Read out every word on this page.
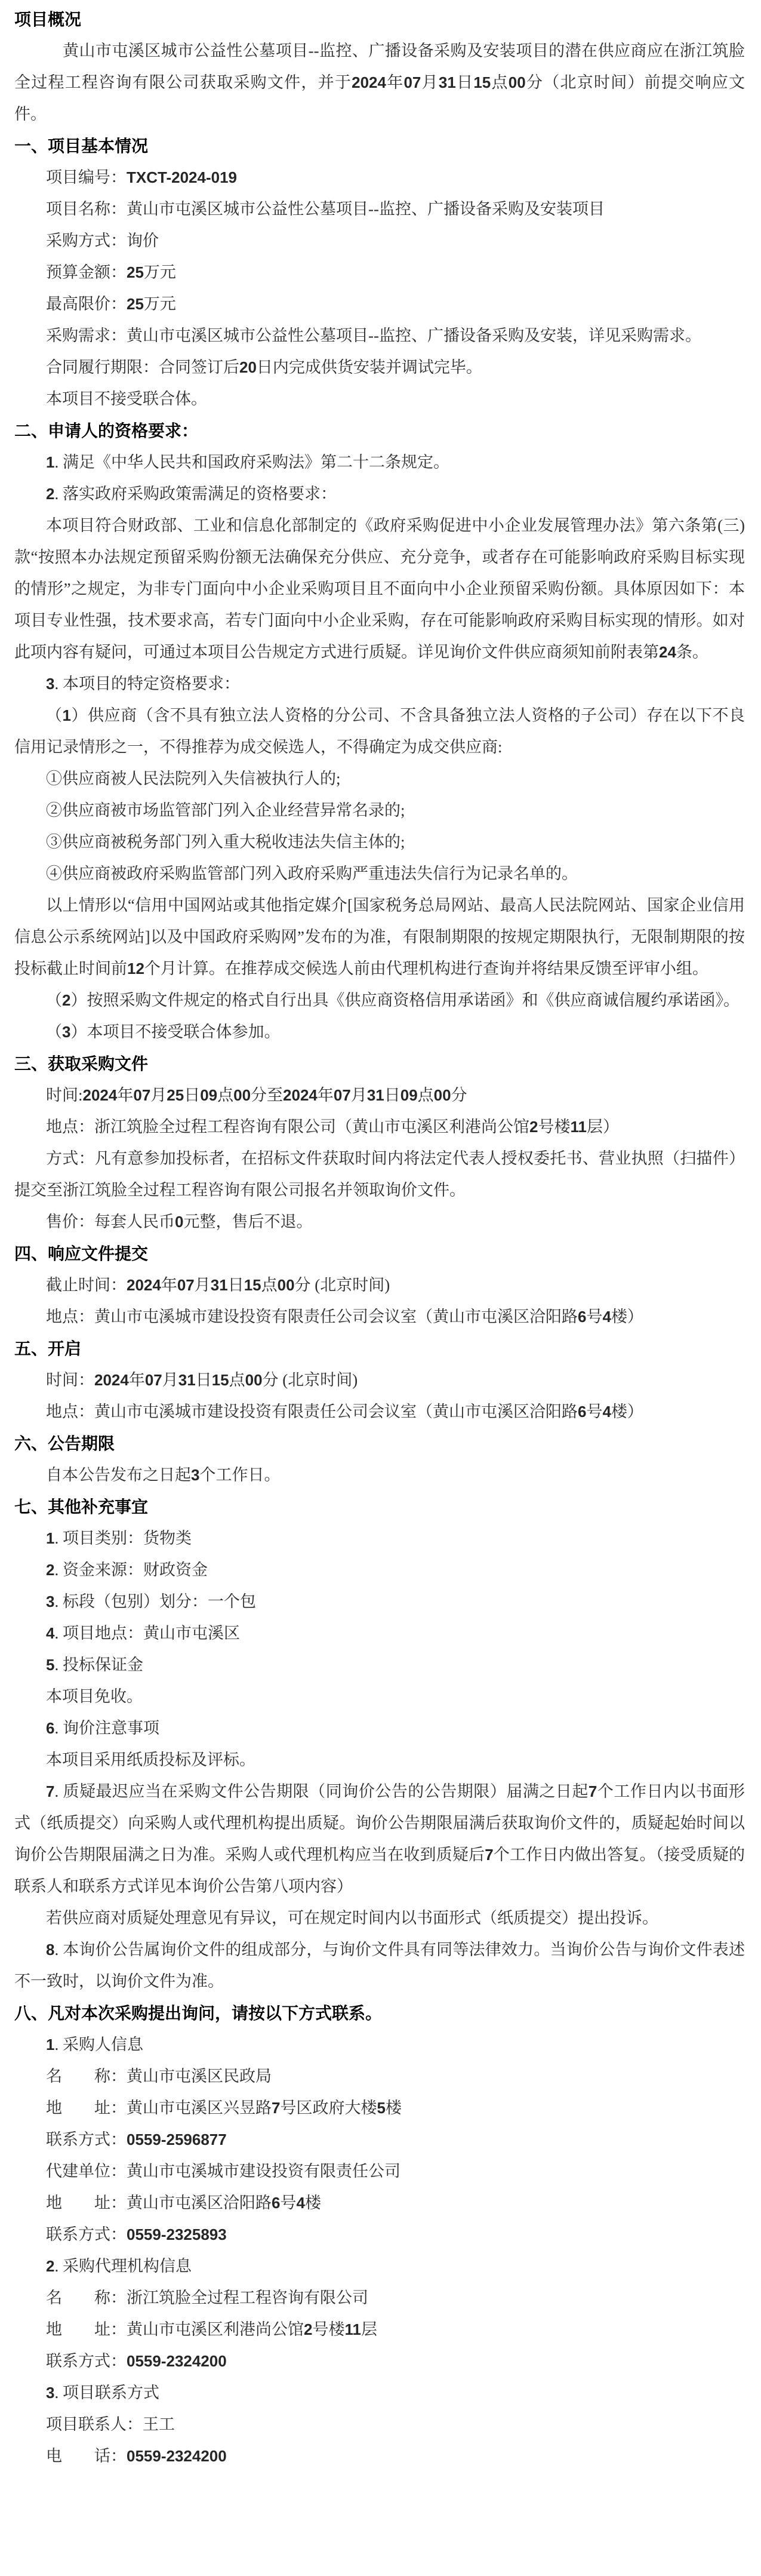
项目概况

黄山市屯溪区城市公益性公墓项目--监控、广播设备采购及安装项目的潜在供应商应在浙江筑脸全过程工程咨询有限公司获取采购文件，并于2024年07月31日15点00分（北京时间）前提交响应文件。

一、项目基本情况

项目编号：TXCT-2024-019

项目名称：黄山市屯溪区城市公益性公墓项目--监控、广播设备采购及安装项目

采购方式：询价

预算金额：25万元

最高限价：25万元

采购需求：黄山市屯溪区城市公益性公墓项目--监控、广播设备采购及安装，详见采购需求。

合同履行期限：合同签订后20日内完成供货安装并调试完毕。

本项目不接受联合体。

二、申请人的资格要求：

1. 满足《中华人民共和国政府采购法》第二十二条规定。

2. 落实政府采购政策需满足的资格要求：

本项目符合财政部、工业和信息化部制定的《政府采购促进中小企业发展管理办法》第六条第(三)款“按照本办法规定预留采购份额无法确保充分供应、充分竞争，或者存在可能影响政府采购目标实现的情形”之规定，为非专门面向中小企业采购项目且不面向中小企业预留采购份额。具体原因如下：本项目专业性强，技术要求高，若专门面向中小企业采购，存在可能影响政府采购目标实现的情形。如对此项内容有疑问，可通过本项目公告规定方式进行质疑。详见询价文件供应商须知前附表第24条。

3. 本项目的特定资格要求：

（1）供应商（含不具有独立法人资格的分公司、不含具备独立法人资格的子公司）存在以下不良信用记录情形之一，不得推荐为成交候选人，不得确定为成交供应商:

①供应商被人民法院列入失信被执行人的;

②供应商被市场监管部门列入企业经营异常名录的;

③供应商被税务部门列入重大税收违法失信主体的;

④供应商被政府采购监管部门列入政府采购严重违法失信行为记录名单的。

以上情形以“信用中国网站或其他指定媒介[国家税务总局网站、最高人民法院网站、国家企业信用信息公示系统网站]以及中国政府采购网”发布的为准，有限制期限的按规定期限执行，无限制期限的按投标截止时间前12个月计算。在推荐成交候选人前由代理机构进行查询并将结果反馈至评审小组。

（2）按照采购文件规定的格式自行出具《供应商资格信用承诺函》和《供应商诚信履约承诺函》。

（3）本项目不接受联合体参加。

三、获取采购文件

时间:2024年07月25日09点00分至2024年07月31日09点00分

地点：浙江筑脸全过程工程咨询有限公司（黄山市屯溪区利港尚公馆2号楼11层）

方式：凡有意参加投标者，在招标文件获取时间内将法定代表人授权委托书、营业执照（扫描件）提交至浙江筑脸全过程工程咨询有限公司报名并领取询价文件。

售价：每套人民币0元整，售后不退。

四、响应文件提交

截止时间：2024年07月31日15点00分 (北京时间)

地点：黄山市屯溪城市建设投资有限责任公司会议室（黄山市屯溪区洽阳路6号4楼）

五、开启

时间：2024年07月31日15点00分 (北京时间)

地点：黄山市屯溪城市建设投资有限责任公司会议室（黄山市屯溪区洽阳路6号4楼）

六、公告期限

自本公告发布之日起3个工作日。

七、其他补充事宜

1. 项目类别：货物类

2. 资金来源：财政资金

3. 标段（包别）划分：一个包

4. 项目地点：黄山市屯溪区

5. 投标保证金

本项目免收。

6. 询价注意事项

本项目采用纸质投标及评标。

7. 质疑最迟应当在采购文件公告期限（同询价公告的公告期限）届满之日起7个工作日内以书面形式（纸质提交）向采购人或代理机构提出质疑。询价公告期限届满后获取询价文件的，质疑起始时间以询价公告期限届满之日为准。采购人或代理机构应当在收到质疑后7个工作日内做出答复。（接受质疑的联系人和联系方式详见本询价公告第八项内容）

若供应商对质疑处理意见有异议，可在规定时间内以书面形式（纸质提交）提出投诉。

8. 本询价公告属询价文件的组成部分，与询价文件具有同等法律效力。当询价公告与询价文件表述不一致时，以询价文件为准。

八、凡对本次采购提出询问，请按以下方式联系。

1. 采购人信息

名　　称：黄山市屯溪区民政局

地　　址：黄山市屯溪区兴昱路7号区政府大楼5楼

联系方式：0559-2596877

代建单位：黄山市屯溪城市建设投资有限责任公司

地　　址：黄山市屯溪区洽阳路6号4楼

联系方式：0559-2325893

2. 采购代理机构信息

名　　称：浙江筑脸全过程工程咨询有限公司

地　　址：黄山市屯溪区利港尚公馆2号楼11层

联系方式：0559-2324200

3. 项目联系方式

项目联系人：王工

电　　话：0559-2324200
